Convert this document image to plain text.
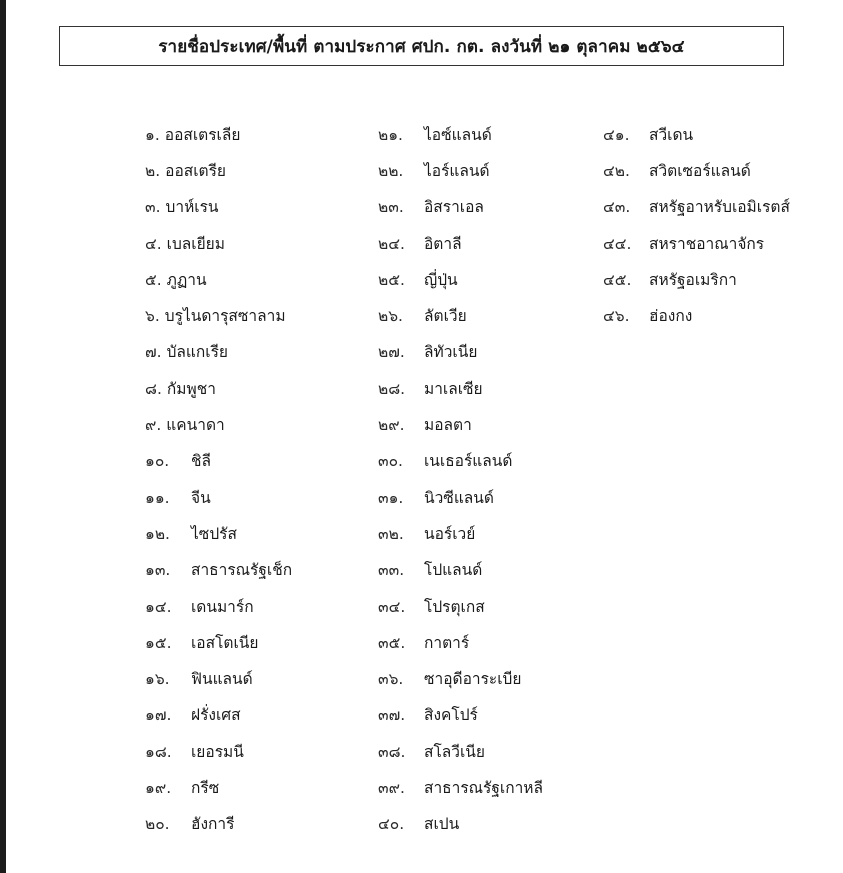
รายชื่อประเทศ/พื้นที่ ตามประกาศ ศปก. กต. ลงวันที่ ๒๑ ตุลาคม ๒๕๖๔
๑. ออสเตรเลีย
๒. ออสเตรีย
๓. บาห์เรน
๔. เบลเยียม
๕. ภูฏาน
๖. บรูไนดารุสซาลาม
๗. บัลแกเรีย
๘. กัมพูชา
๙. แคนาดา
๑๐.	ชิลี
๑๑.	จีน
๑๒.	ไซปรัส
๑๓.	สาธารณรัฐเช็ก
๑๔.	เดนมาร์ก
๑๕.	เอสโตเนีย
๑๖.	ฟินแลนด์
๑๗.	ฝรั่งเศส
๑๘.	เยอรมนี
๑๙.	กรีซ
๒๐.	ฮังการี
๒๑.	ไอซ์แลนด์
๒๒.	ไอร์แลนด์
๒๓.	อิสราเอล
๒๔.	อิตาลี
๒๕.	ญี่ปุ่น
๒๖.	ลัตเวีย
๒๗.	ลิทัวเนีย
๒๘.	มาเลเซีย
๒๙.	มอลตา
๓๐.	เนเธอร์แลนด์
๓๑.	นิวซีแลนด์
๓๒.	นอร์เวย์
๓๓.	โปแลนด์
๓๔.	โปรตุเกส
๓๕.	กาตาร์
๓๖.	ซาอุดีอาระเบีย
๓๗.	สิงคโปร์
๓๘.	สโลวีเนีย
๓๙.	สาธารณรัฐเกาหลี
๔๐.	สเปน
๔๑.	สวีเดน
๔๒.	สวิตเซอร์แลนด์
๔๓.	สหรัฐอาหรับเอมิเรตส์
๔๔.	สหราชอาณาจักร
๔๕.	สหรัฐอเมริกา
๔๖.	ฮ่องกง
